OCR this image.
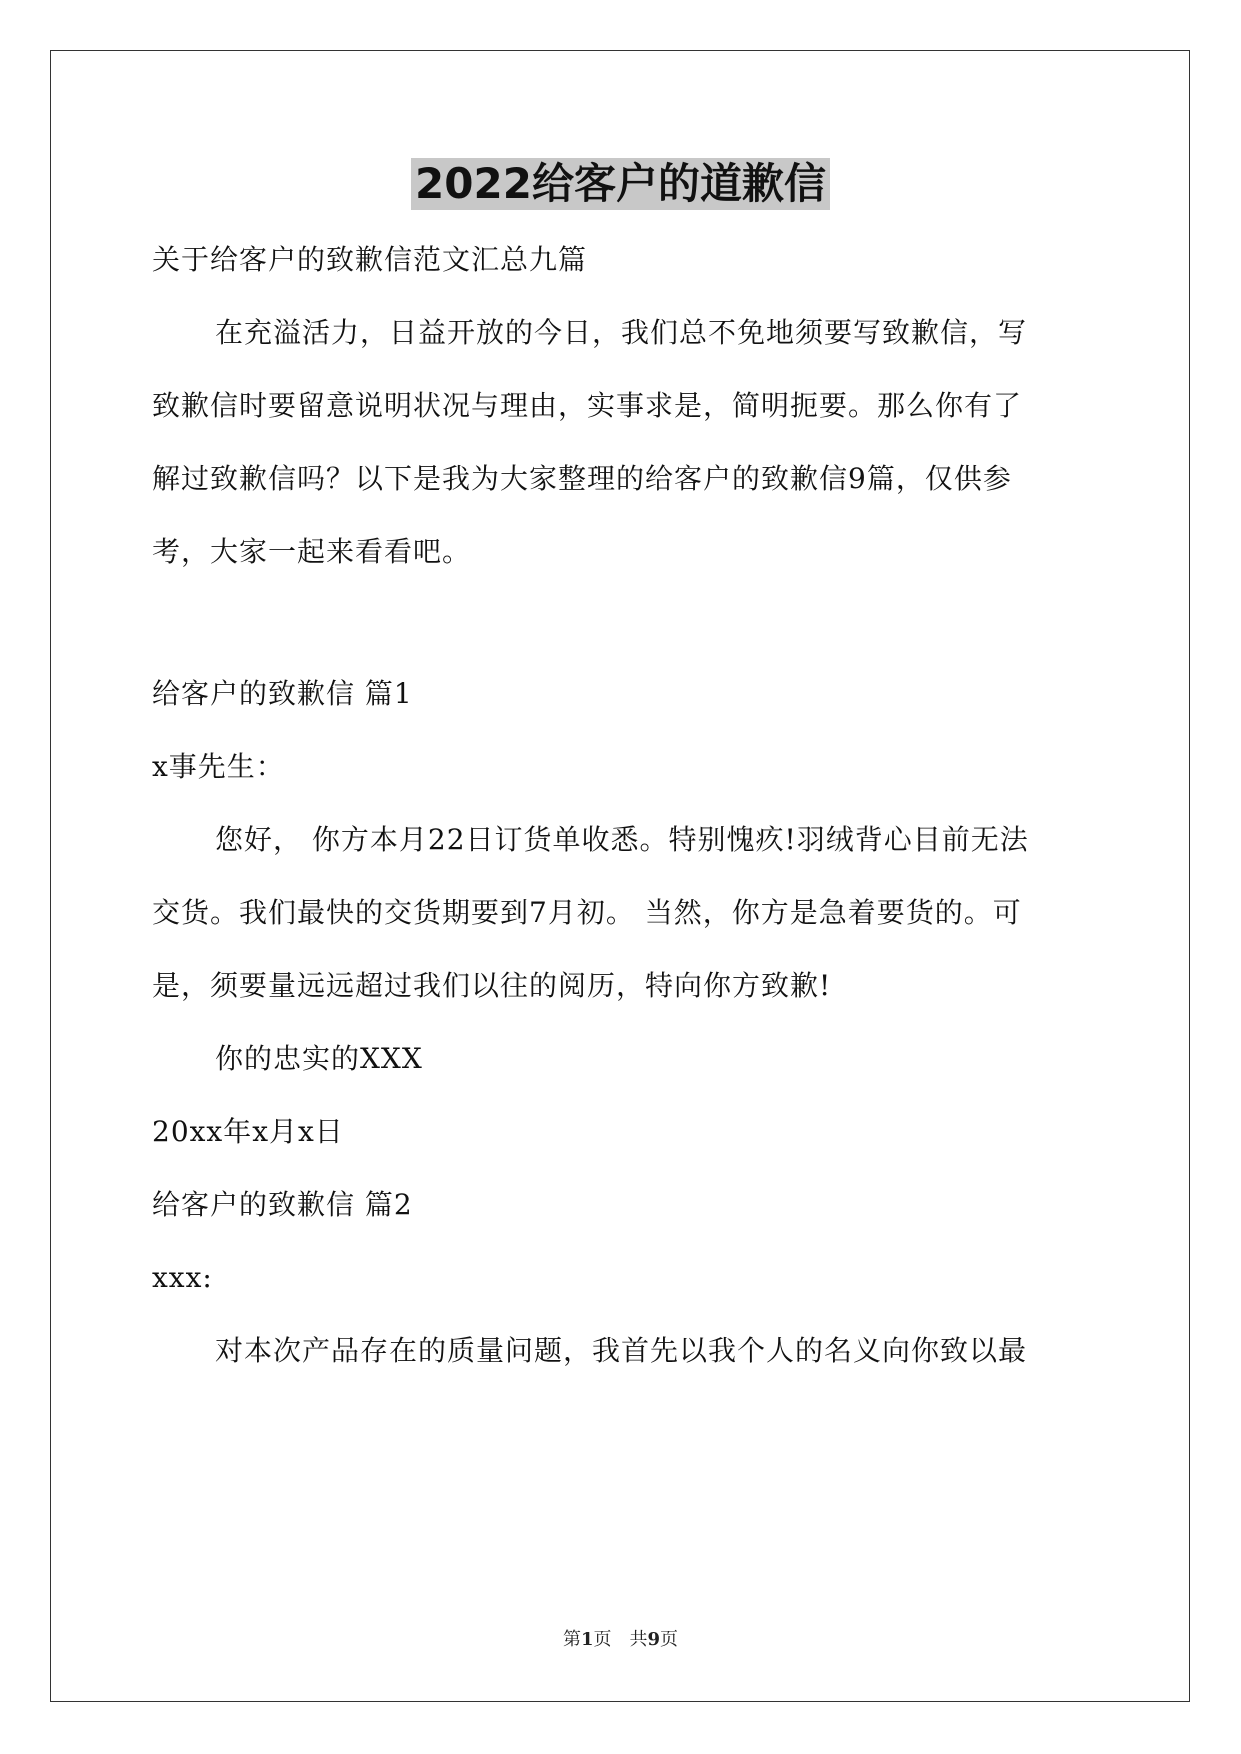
2022给客户的道歉信
关于给客户的致歉信范文汇总九篇
在充溢活力，日益开放的今日，我们总不免地须要写致歉信，写
致歉信时要留意说明状况与理由，实事求是，简明扼要。那么你有了
解过致歉信吗？以下是我为大家整理的给客户的致歉信9篇，仅供参
考，大家一起来看看吧。
给客户的致歉信 篇1
x事先生：
您好， 你方本月22日订货单收悉。特别愧疚!羽绒背心目前无法
交货。我们最快的交货期要到7月初。 当然，你方是急着要货的。可
是，须要量远远超过我们以往的阅历，特向你方致歉!
你的忠实的XXX
20xx年x月x日
给客户的致歉信 篇2
xxx:
对本次产品存在的质量问题，我首先以我个人的名义向你致以最
第1页 共9页
